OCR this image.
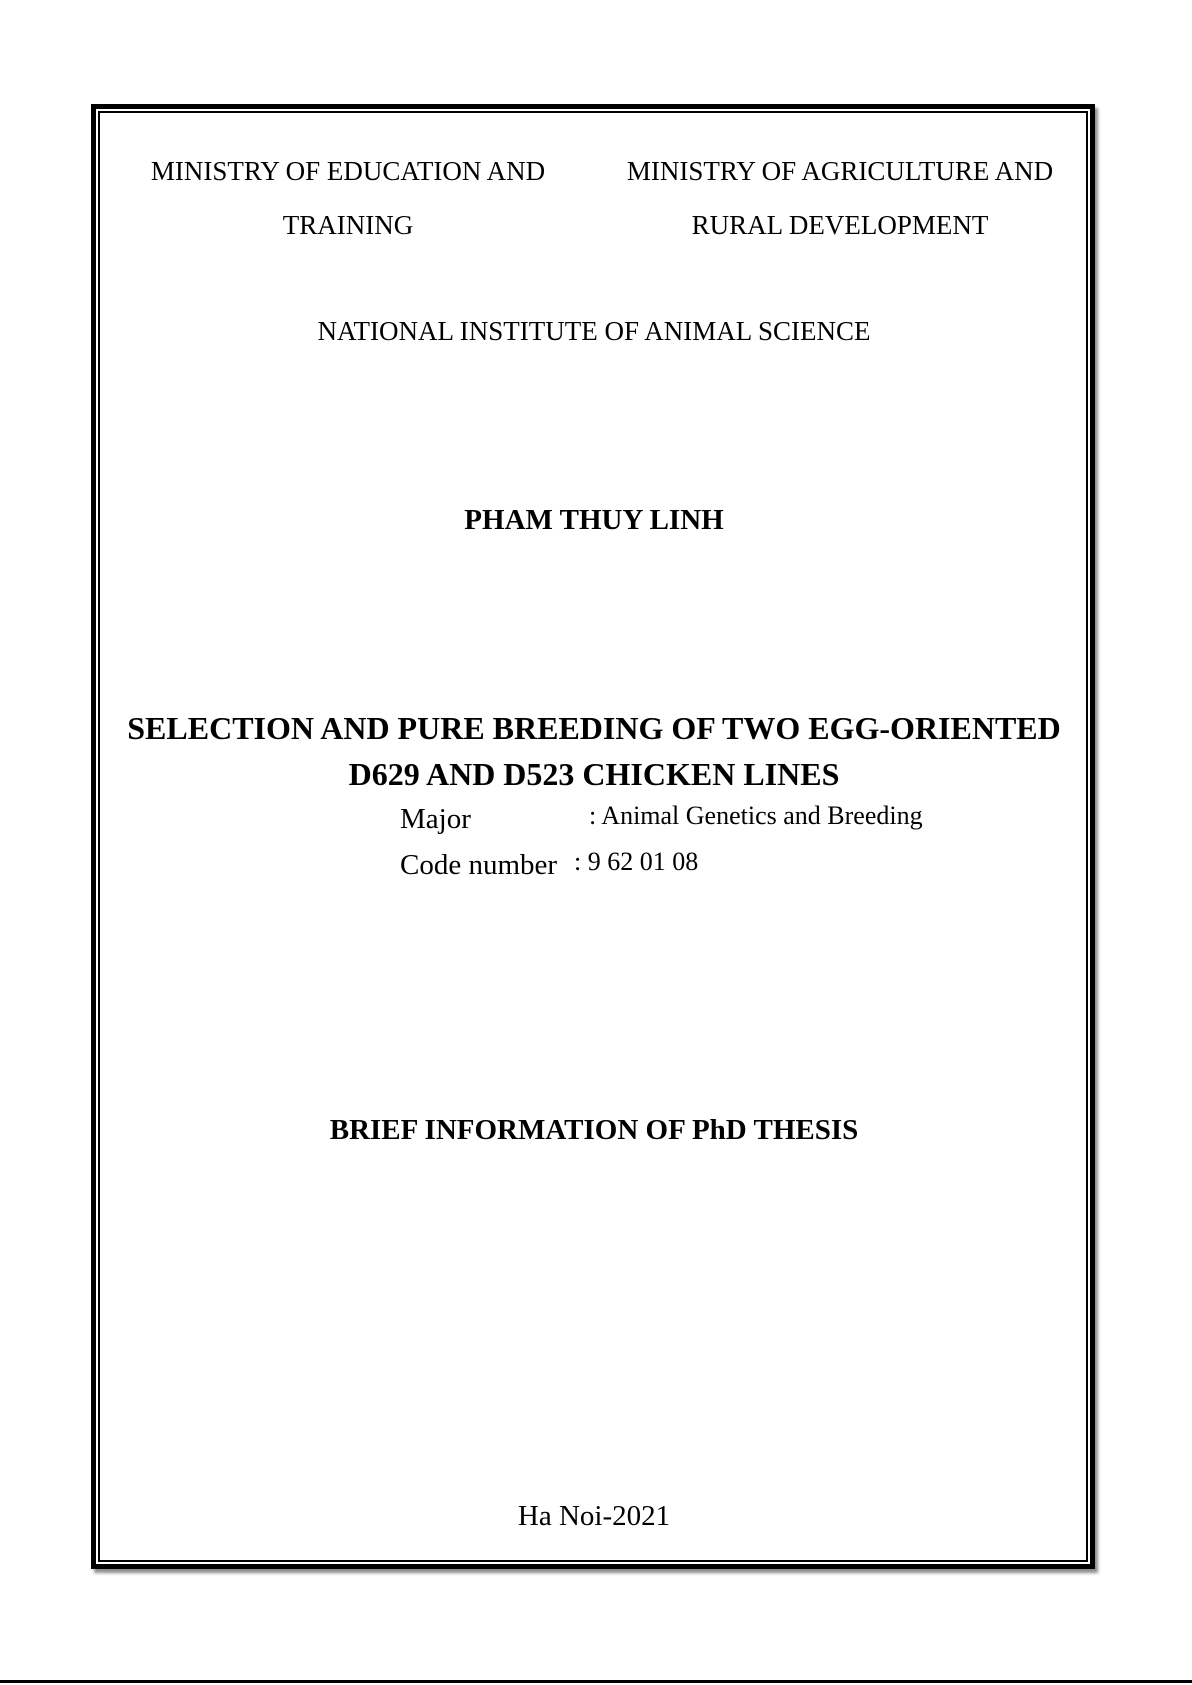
MINISTRY OF EDUCATION AND
TRAINING
MINISTRY OF AGRICULTURE AND
RURAL DEVELOPMENT
NATIONAL INSTITUTE OF ANIMAL SCIENCE
PHAM THUY LINH
SELECTION AND PURE BREEDING OF TWO EGG-ORIENTED
D629 AND D523 CHICKEN LINES
Major	: Animal Genetics and Breeding
Code number : 9 62 01 08
BRIEF INFORMATION OF PhD THESIS
Ha Noi-2021
